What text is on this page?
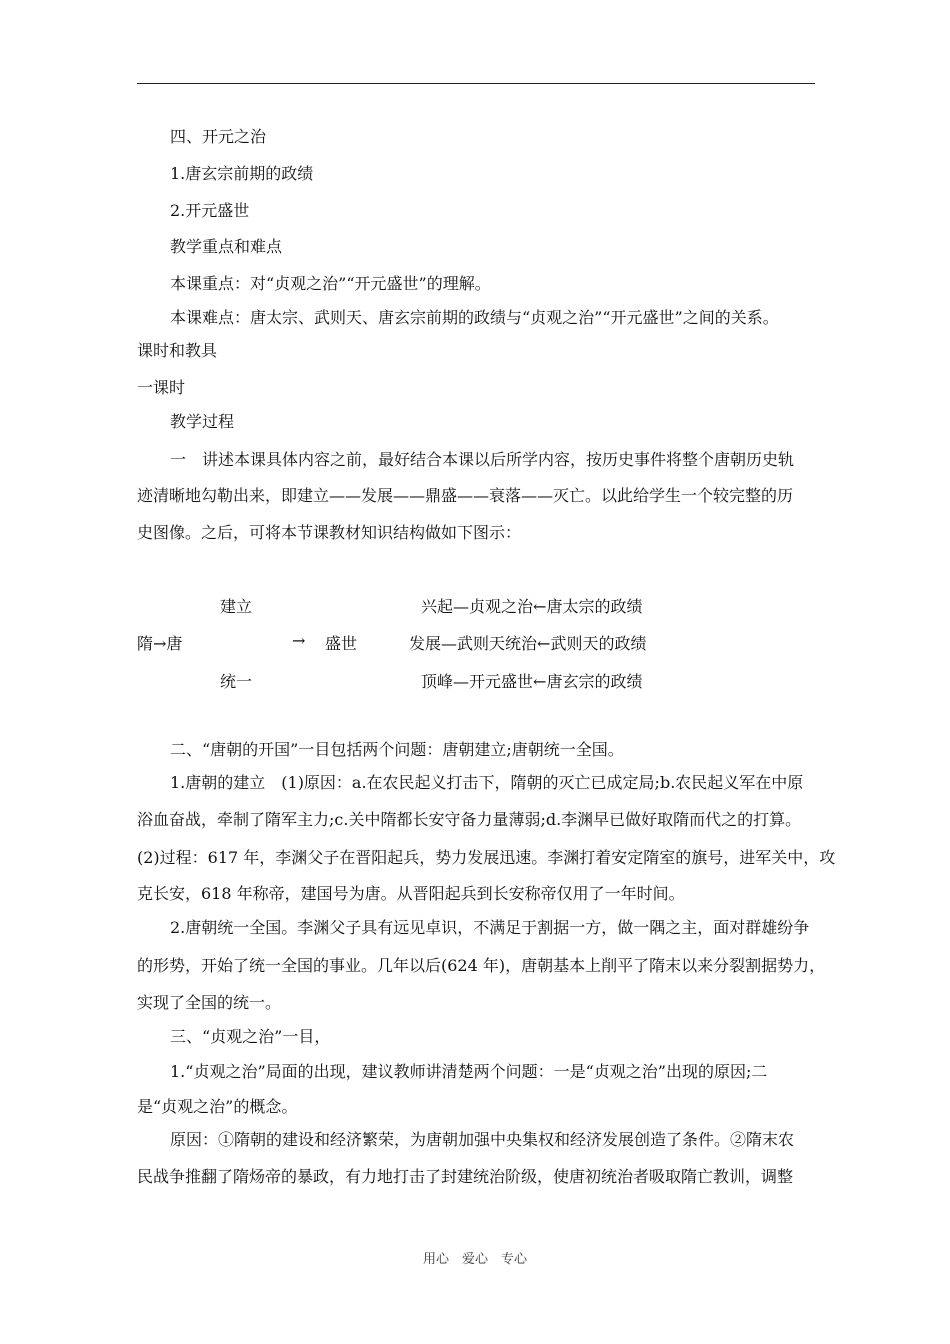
四、开元之治
1.唐玄宗前期的政绩
2.开元盛世
教学重点和难点
本课重点：对“贞观之治”“开元盛世”的理解。
本课难点：唐太宗、武则天、唐玄宗前期的政绩与“贞观之治”“开元盛世”之间的关系。
课时和教具
一课时
教学过程
一　讲述本课具体内容之前，最好结合本课以后所学内容，按历史事件将整个唐朝历史轨
迹清晰地勾勒出来，即建立——发展——鼎盛——衰落——灭亡。以此给学生一个较完整的历
史图像。之后，可将本节课教材知识结构做如下图示：
建立
统一
隋→唐	→ 盛世
兴起—贞观之治←唐太宗的政绩
发展—武则天统治←武则天的政绩
顶峰—开元盛世←唐玄宗的政绩
二、“唐朝的开国”一目包括两个问题：唐朝建立;唐朝统一全国。
1.唐朝的建立　(1)原因：a.在农民起义打击下，隋朝的灭亡已成定局;b.农民起义军在中原
浴血奋战，牵制了隋军主力;c.关中隋都长安守备力量薄弱;d.李渊早已做好取隋而代之的打算。
(2)过程：617 年，李渊父子在晋阳起兵，势力发展迅速。李渊打着安定隋室的旗号，进军关中，攻
克长安，618 年称帝，建国号为唐。从晋阳起兵到长安称帝仅用了一年时间。
2.唐朝统一全国。李渊父子具有远见卓识，不满足于割据一方，做一隅之主，面对群雄纷争
的形势，开始了统一全国的事业。几年以后(624 年)，唐朝基本上削平了隋末以来分裂割据势力，
实现了全国的统一。
三、“贞观之治”一目，
1.“贞观之治”局面的出现，建议教师讲清楚两个问题：一是“贞观之治”出现的原因;二
是“贞观之治”的概念。
原因：①隋朝的建设和经济繁荣，为唐朝加强中央集权和经济发展创造了条件。②隋末农
民战争推翻了隋炀帝的暴政，有力地打击了封建统治阶级，使唐初统治者吸取隋亡教训，调整
用心　爱心　专心
